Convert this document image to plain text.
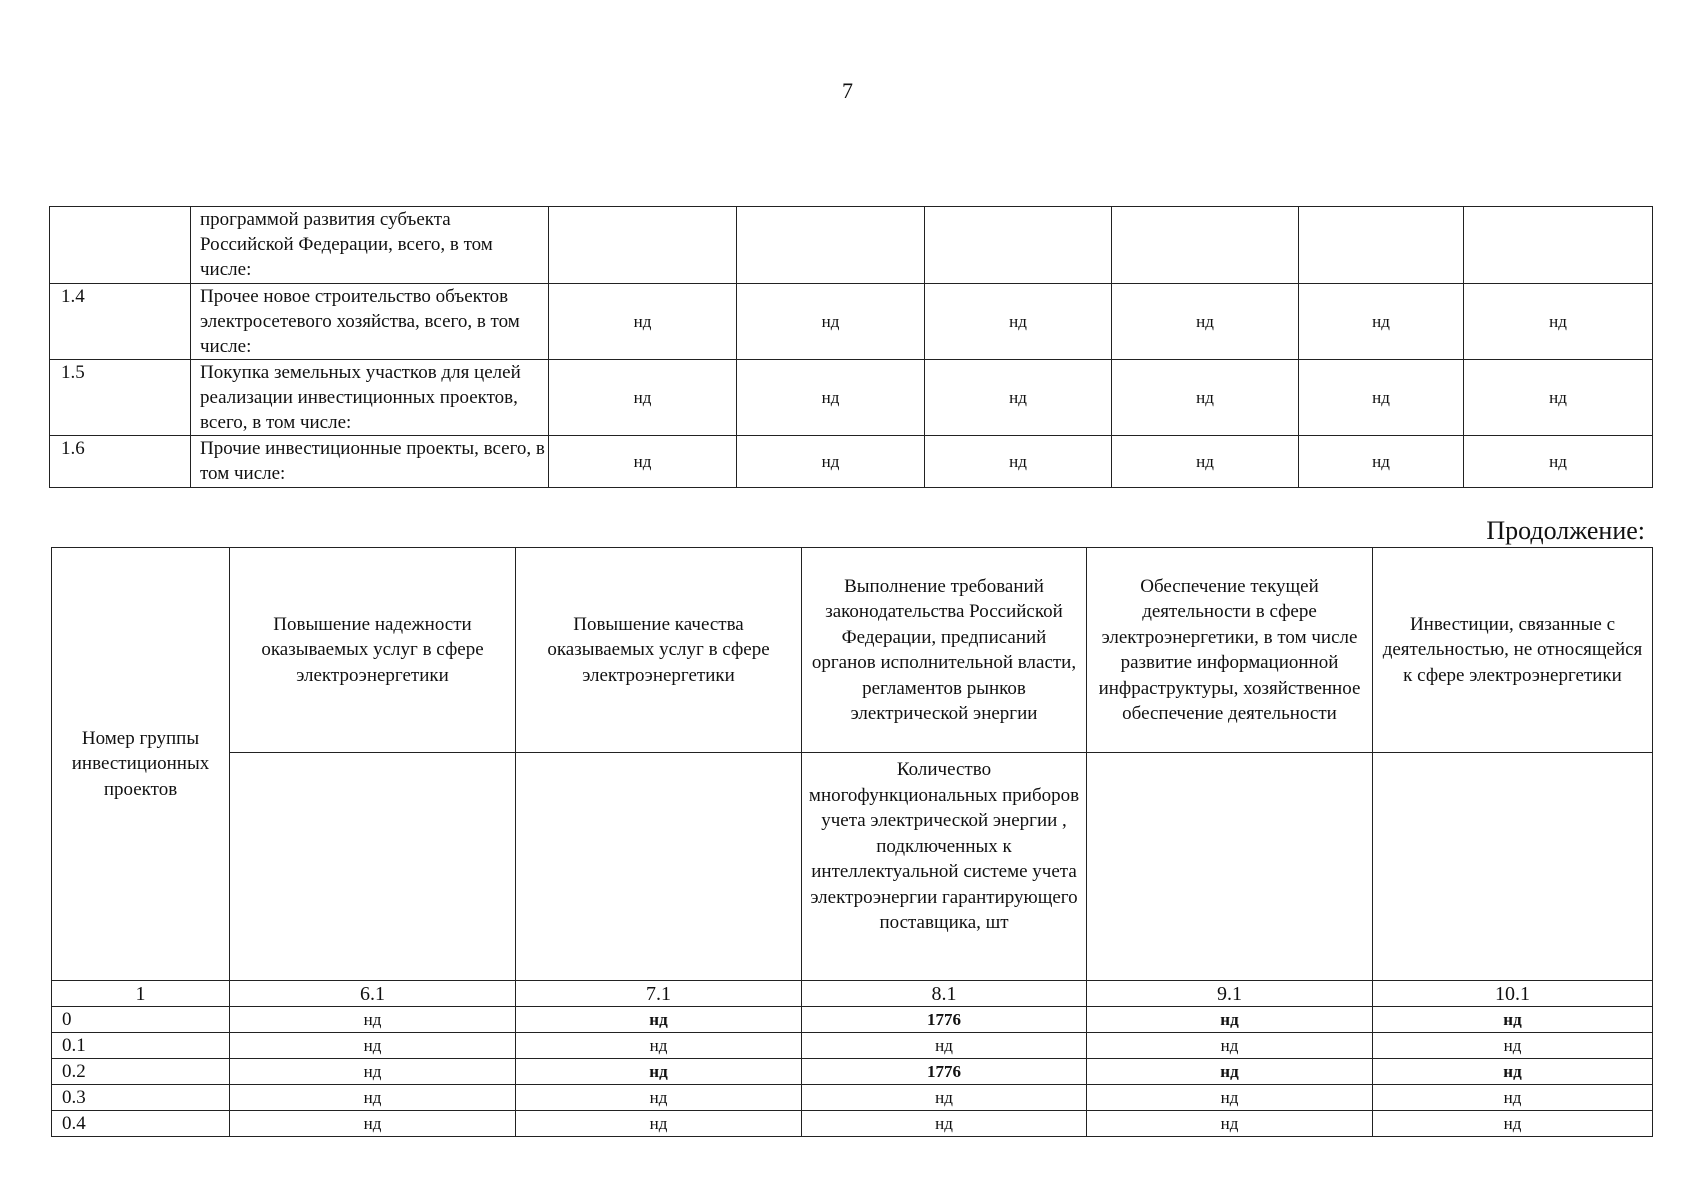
7
	программой развития субъекта Российской Федерации, всего, в том числе:						
1.4	Прочее новое строительство объектов электросетевого хозяйства, всего, в том числе:	нд	нд	нд	нд	нд	нд
1.5	Покупка земельных участков для целей реализации инвестиционных проектов, всего, в том числе:	нд	нд	нд	нд	нд	нд
1.6	Прочие инвестиционные проекты, всего, в том числе:	нд	нд	нд	нд	нд	нд
Продолжение:
Номер группы инвестиционных проектов	Повышение надежности оказываемых услуг в сфере электроэнергетики	Повышение качества оказываемых услуг в сфере электроэнергетики	Выполнение требований законодательства Российской Федерации, предписаний органов исполнительной власти, регламентов рынков электрической энергии	Обеспечение текущей деятельности в сфере электроэнергетики, в том числе развитие информационной инфраструктуры, хозяйственное обеспечение деятельности	Инвестиции, связанные с деятельностью, не относящейся к сфере электроэнергетики
			Количество многофункциональных приборов учета электрической энергии , подключенных к интеллектуальной системе учета электроэнергии гарантирующего поставщика, шт		
1	6.1	7.1	8.1	9.1	10.1
0	нд	нд	1776	нд	нд
0.1	нд	нд	нд	нд	нд
0.2	нд	нд	1776	нд	нд
0.3	нд	нд	нд	нд	нд
0.4	нд	нд	нд	нд	нд
